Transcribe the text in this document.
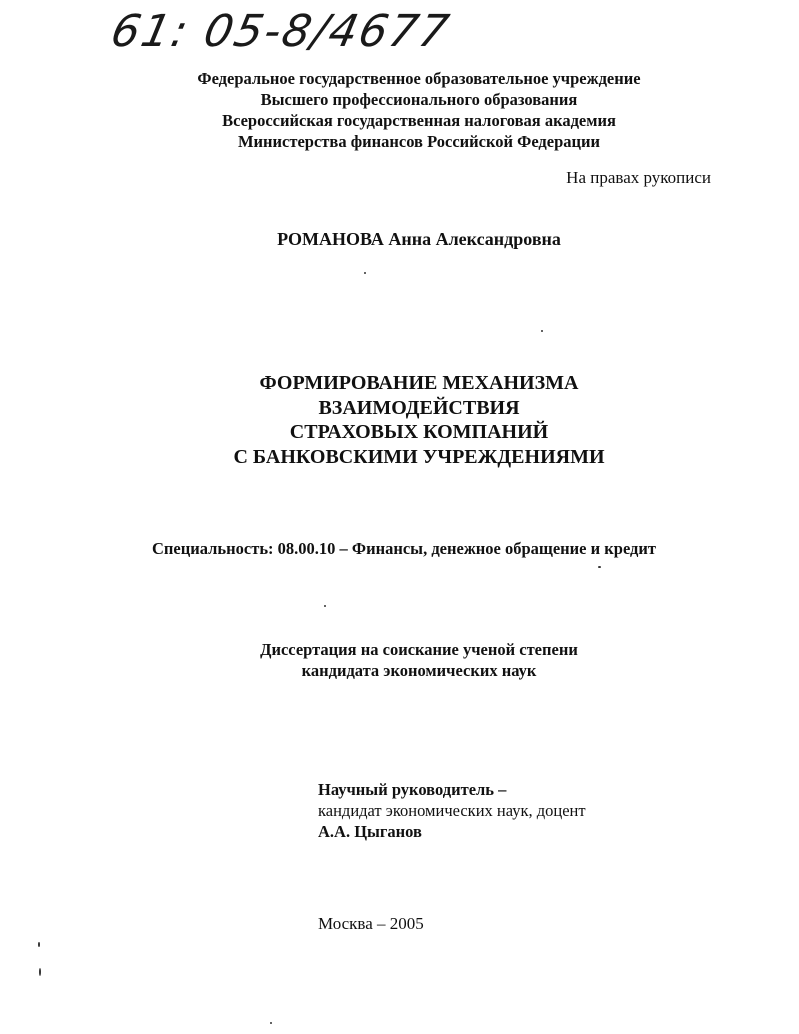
61: 05-8/4677
Федеральное государственное образовательное учреждение
Высшего профессионального образования
Всероссийская государственная налоговая академия
Министерства финансов Российской Федерации
На правах рукописи
РОМАНОВА Анна Александровна
ФОРМИРОВАНИЕ МЕХАНИЗМА
ВЗАИМОДЕЙСТВИЯ
СТРАХОВЫХ КОМПАНИЙ
С БАНКОВСКИМИ УЧРЕЖДЕНИЯМИ
Специальность: 08.00.10 – Финансы, денежное обращение и кредит
Диссертация на соискание ученой степени
кандидата экономических наук
Научный руководитель –
кандидат экономических наук, доцент
А.А. Цыганов
Москва – 2005
